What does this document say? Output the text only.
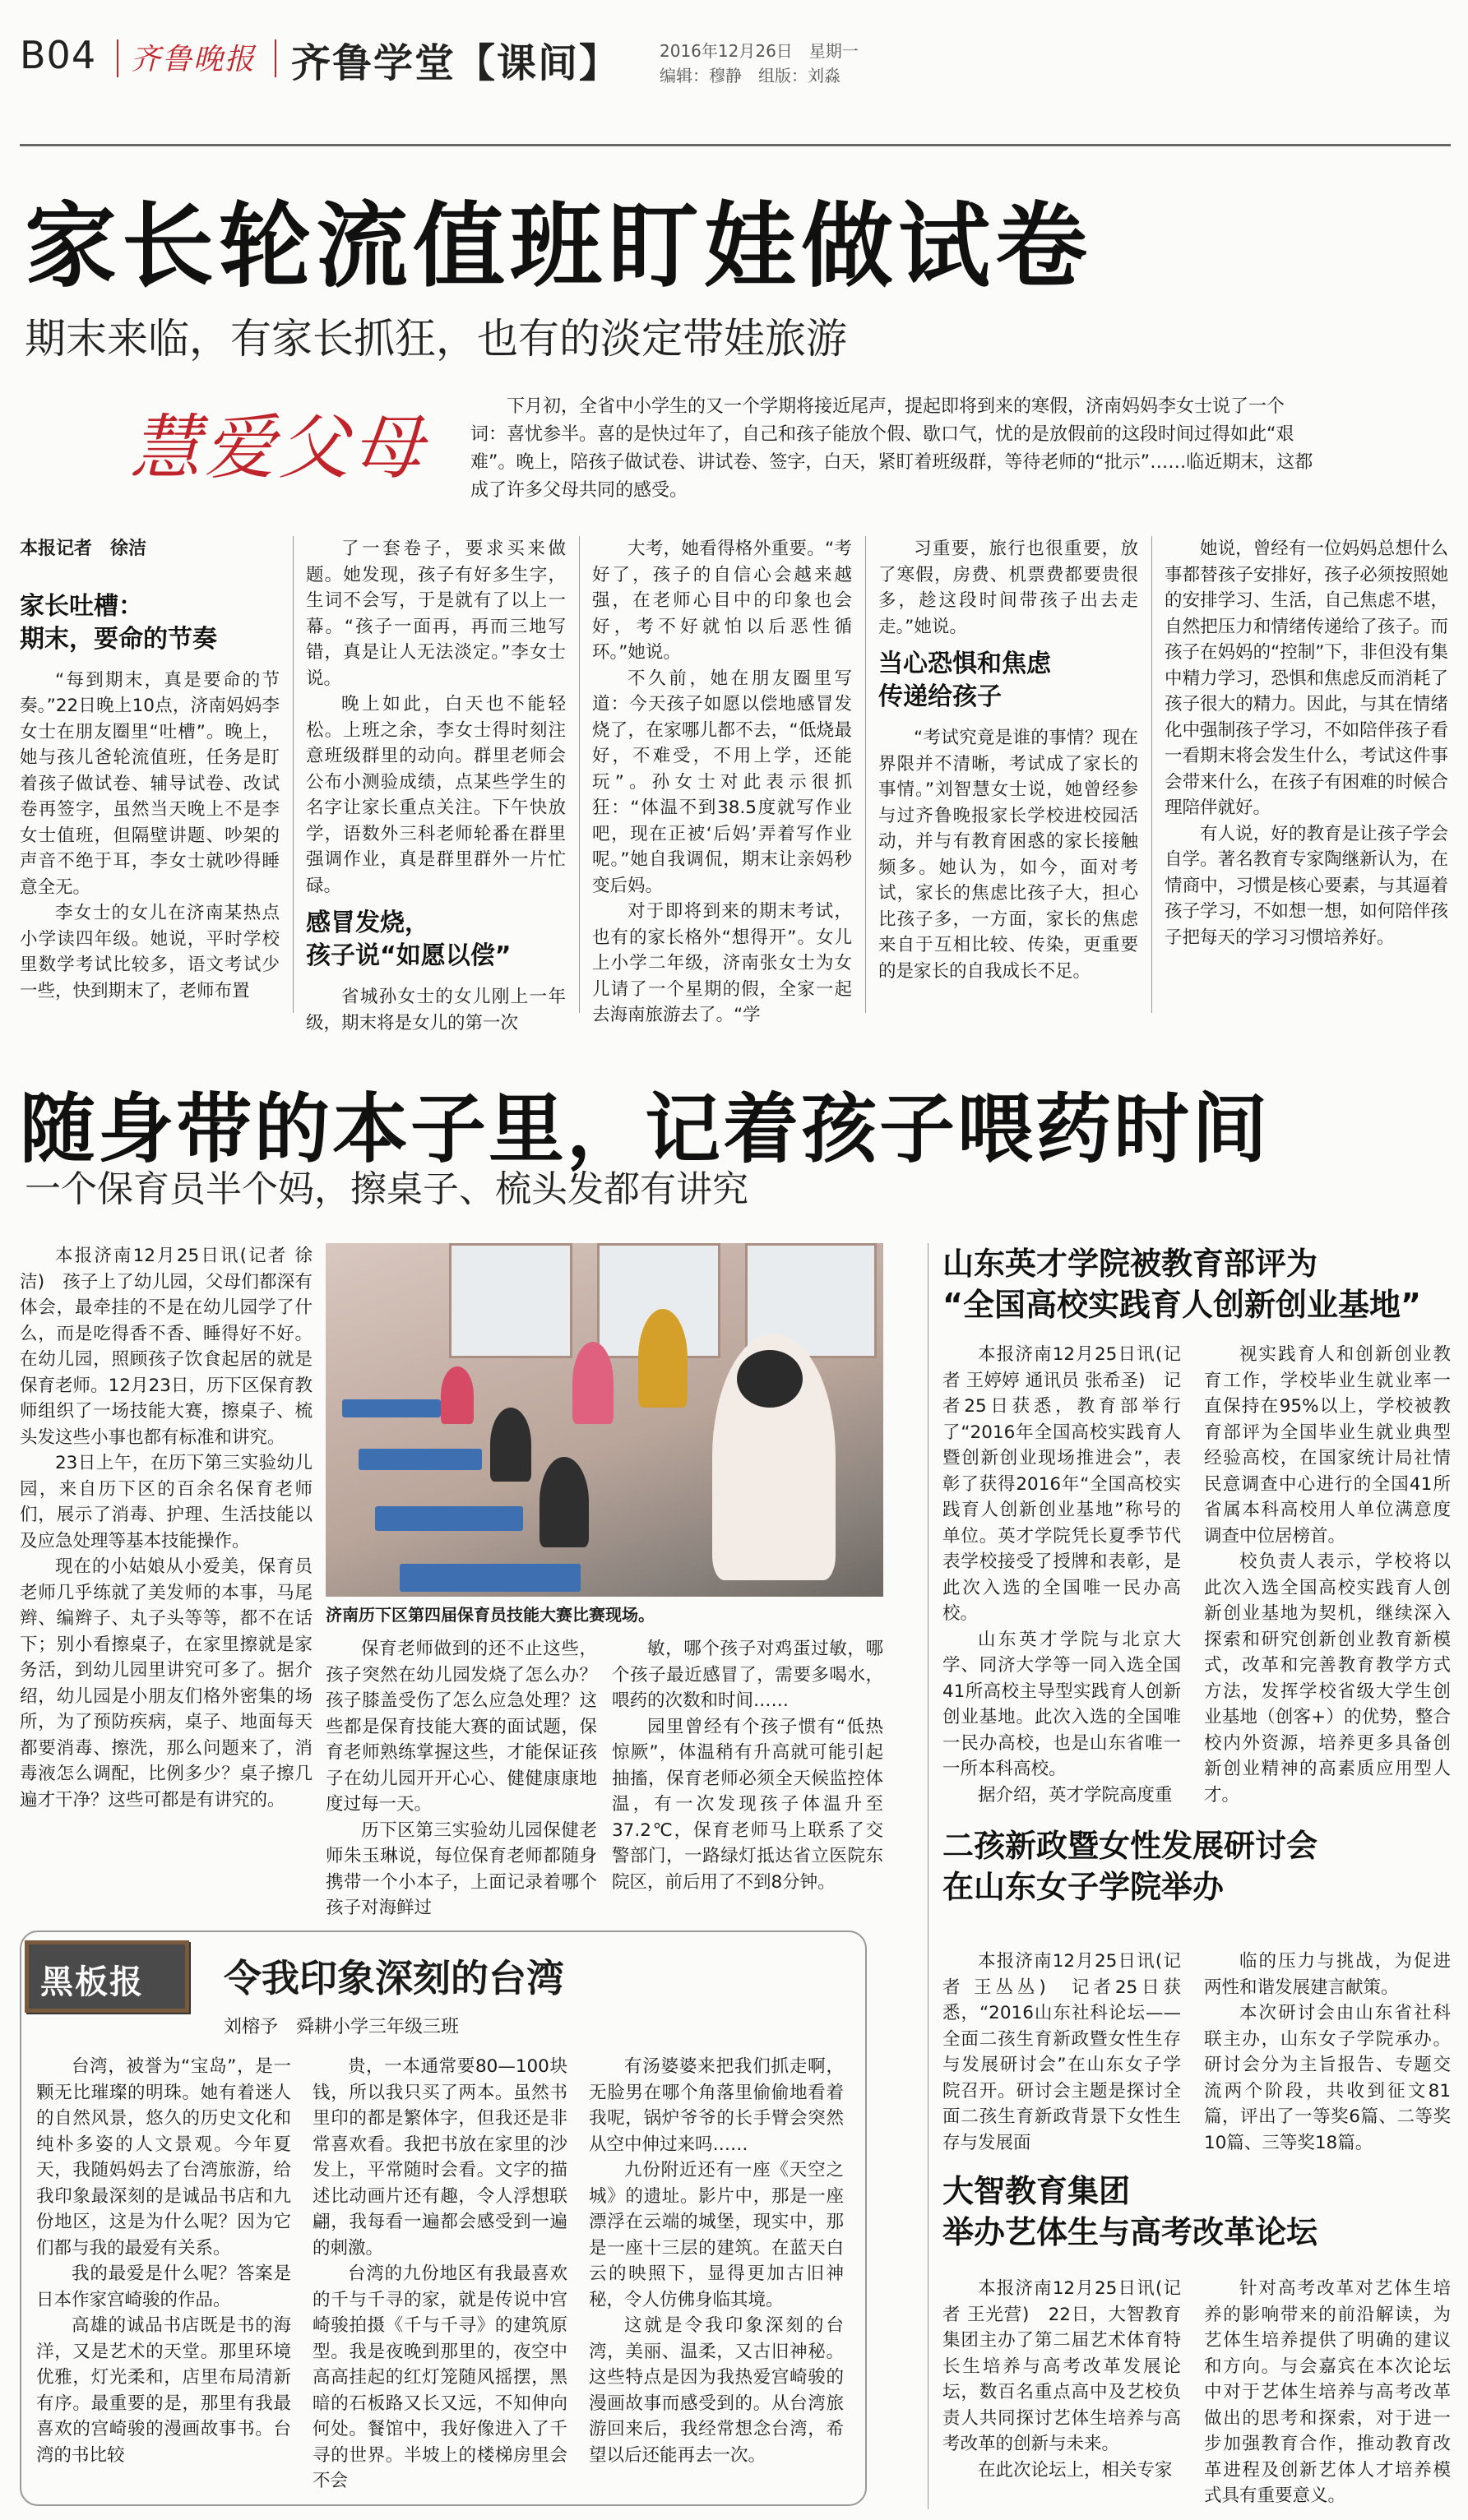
B04 齐鲁晚报 齐鲁学堂【课间】 2016年12月26日　星期一
编辑：穆静　组版：刘淼
家长轮流值班盯娃做试卷
期末来临，有家长抓狂，也有的淡定带娃旅游
慧爱父母
下月初，全省中小学生的又一个学期将接近尾声，提起即将到来的寒假，济南妈妈李女士说了一个词：喜忧参半。喜的是快过年了，自己和孩子能放个假、歇口气，忧的是放假前的这段时间过得如此“艰难”。晚上，陪孩子做试卷、讲试卷、签字，白天，紧盯着班级群，等待老师的“批示”……临近期末，这都成了许多父母共同的感受。
本报记者　徐洁
家长吐槽：
期末，要命的节奏

“每到期末，真是要命的节奏。”22日晚上10点，济南妈妈李女士在朋友圈里“吐槽”。晚上，她与孩儿爸轮流值班，任务是盯着孩子做试卷、辅导试卷、改试卷再签字，虽然当天晚上不是李女士值班，但隔壁讲题、吵架的声音不绝于耳，李女士就吵得睡意全无。

李女士的女儿在济南某热点小学读四年级。她说，平时学校里数学考试比较多，语文考试少一些，快到期末了，老师布置

了一套卷子，要求买来做题。她发现，孩子有好多生字，生词不会写，于是就有了以上一幕。“孩子一面再，再而三地写错，真是让人无法淡定。”李女士说。

晚上如此，白天也不能轻松。上班之余，李女士得时刻注意班级群里的动向。群里老师会公布小测验成绩，点某些学生的名字让家长重点关注。下午快放学，语数外三科老师轮番在群里强调作业，真是群里群外一片忙碌。

感冒发烧，
孩子说“如愿以偿”

省城孙女士的女儿刚上一年级，期末将是女儿的第一次

大考，她看得格外重要。“考好了，孩子的自信心会越来越强，在老师心目中的印象也会好，考不好就怕以后恶性循环。”她说。

不久前，她在朋友圈里写道：今天孩子如愿以偿地感冒发烧了，在家哪儿都不去，“低烧最好，不难受，不用上学，还能玩”。孙女士对此表示很抓狂：“体温不到38.5度就写作业吧，现在正被‘后妈’弄着写作业呢。”她自我调侃，期末让亲妈秒变后妈。

对于即将到来的期末考试，也有的家长格外“想得开”。女儿上小学二年级，济南张女士为女儿请了一个星期的假，全家一起去海南旅游去了。“学

习重要，旅行也很重要，放了寒假，房费、机票费都要贵很多，趁这段时间带孩子出去走走。”她说。

当心恐惧和焦虑
传递给孩子

“考试究竟是谁的事情？现在界限并不清晰，考试成了家长的事情。”刘智慧女士说，她曾经参与过齐鲁晚报家长学校进校园活动，并与有教育困惑的家长接触频多。她认为，如今，面对考试，家长的焦虑比孩子大，担心比孩子多，一方面，家长的焦虑来自于互相比较、传染，更重要的是家长的自我成长不足。

她说，曾经有一位妈妈总想什么事都替孩子安排好，孩子必须按照她的安排学习、生活，自己焦虑不堪，自然把压力和情绪传递给了孩子。而孩子在妈妈的“控制”下，非但没有集中精力学习，恐惧和焦虑反而消耗了孩子很大的精力。因此，与其在情绪化中强制孩子学习，不如陪伴孩子看一看期末将会发生什么，考试这件事会带来什么，在孩子有困难的时候合理陪伴就好。

有人说，好的教育是让孩子学会自学。著名教育专家陶继新认为，在情商中，习惯是核心要素，与其逼着孩子学习，不如想一想，如何陪伴孩子把每天的学习习惯培养好。

随身带的本子里，记着孩子喂药时间
一个保育员半个妈，擦桌子、梳头发都有讲究

本报济南12月25日讯(记者 徐洁)　孩子上了幼儿园，父母们都深有体会，最牵挂的不是在幼儿园学了什么，而是吃得香不香、睡得好不好。在幼儿园，照顾孩子饮食起居的就是保育老师。12月23日，历下区保育教师组织了一场技能大赛，擦桌子、梳头发这些小事也都有标准和讲究。

23日上午，在历下第三实验幼儿园，来自历下区的百余名保育老师们，展示了消毒、护理、生活技能以及应急处理等基本技能操作。

现在的小姑娘从小爱美，保育员老师几乎练就了美发师的本事，马尾辫、编辫子、丸子头等等，都不在话下；别小看擦桌子，在家里擦就是家务活，到幼儿园里讲究可多了。据介绍，幼儿园是小朋友们格外密集的场所，为了预防疾病，桌子、地面每天都要消毒、擦洗，那么问题来了，消毒液怎么调配，比例多少？桌子擦几遍才干净？这些可都是有讲究的。

济南历下区第四届保育员技能大赛比赛现场。

保育老师做到的还不止这些，孩子突然在幼儿园发烧了怎么办？孩子膝盖受伤了怎么应急处理？这些都是保育技能大赛的面试题，保育老师熟练掌握这些，才能保证孩子在幼儿园开开心心、健健康康地度过每一天。

历下区第三实验幼儿园保健老师朱玉琳说，每位保育老师都随身携带一个小本子，上面记录着哪个孩子对海鲜过

敏，哪个孩子对鸡蛋过敏，哪个孩子最近感冒了，需要多喝水，喂药的次数和时间……

园里曾经有个孩子惯有“低热惊厥”，体温稍有升高就可能引起抽搐，保育老师必须全天候监控体温，有一次发现孩子体温升至37.2℃，保育老师马上联系了交警部门，一路绿灯抵达省立医院东院区，前后用了不到8分钟。

山东英才学院被教育部评为
“全国高校实践育人创新创业基地”

本报济南12月25日讯(记者 王婷婷 通讯员 张希圣)　记者25日获悉，教育部举行了“2016年全国高校实践育人暨创新创业现场推进会”，表彰了获得2016年“全国高校实践育人创新创业基地”称号的单位。英才学院凭长夏季节代表学校接受了授牌和表彰，是此次入选的全国唯一民办高校。

山东英才学院与北京大学、同济大学等一同入选全国41所高校主导型实践育人创新创业基地。此次入选的全国唯一民办高校，也是山东省唯一一所本科高校。

据介绍，英才学院高度重

视实践育人和创新创业教育工作，学校毕业生就业率一直保持在95%以上，学校被教育部评为全国毕业生就业典型经验高校，在国家统计局社情民意调查中心进行的全国41所省属本科高校用人单位满意度调查中位居榜首。

校负责人表示，学校将以此次入选全国高校实践育人创新创业基地为契机，继续深入探索和研究创新创业教育新模式，改革和完善教育教学方式方法，发挥学校省级大学生创业基地（创客+）的优势，整合校内外资源，培养更多具备创新创业精神的高素质应用型人才。

二孩新政暨女性发展研讨会
在山东女子学院举办

本报济南12月25日讯(记者 王丛丛)　记者25日获悉，“2016山东社科论坛——全面二孩生育新政暨女性生存与发展研讨会”在山东女子学院召开。研讨会主题是探讨全面二孩生育新政背景下女性生存与发展面

临的压力与挑战，为促进两性和谐发展建言献策。

本次研讨会由山东省社科联主办，山东女子学院承办。研讨会分为主旨报告、专题交流两个阶段，共收到征文81篇，评出了一等奖6篇、二等奖10篇、三等奖18篇。

大智教育集团
举办艺体生与高考改革论坛

本报济南12月25日讯(记者 王光营)　22日，大智教育集团主办了第二届艺术体育特长生培养与高考改革发展论坛，数百名重点高中及艺校负责人共同探讨艺体生培养与高考改革的创新与未来。

在此次论坛上，相关专家

针对高考改革对艺体生培养的影响带来的前沿解读，为艺体生培养提供了明确的建议和方向。与会嘉宾在本次论坛中对于艺体生培养与高考改革做出的思考和探索，对于进一步加强教育合作，推动教育改革进程及创新艺体人才培养模式具有重要意义。

黑板报 令我印象深刻的台湾
刘榕予　舜耕小学三年级三班

台湾，被誉为“宝岛”，是一颗无比璀璨的明珠。她有着迷人的自然风景，悠久的历史文化和纯朴多姿的人文景观。今年夏天，我随妈妈去了台湾旅游，给我印象最深刻的是诚品书店和九份地区，这是为什么呢？因为它们都与我的最爱有关系。

我的最爱是什么呢？答案是日本作家宫崎骏的作品。

高雄的诚品书店既是书的海洋，又是艺术的天堂。那里环境优雅，灯光柔和，店里布局清新有序。最重要的是，那里有我最喜欢的宫崎骏的漫画故事书。台湾的书比较

贵，一本通常要80—100块钱，所以我只买了两本。虽然书里印的都是繁体字，但我还是非常喜欢看。我把书放在家里的沙发上，平常随时会看。文字的描述比动画片还有趣，令人浮想联翩，我每看一遍都会感受到一遍的刺激。

台湾的九份地区有我最喜欢的千与千寻的家，就是传说中宫崎骏拍摄《千与千寻》的建筑原型。我是夜晚到那里的，夜空中高高挂起的红灯笼随风摇摆，黑暗的石板路又长又远，不知伸向何处。餐馆中，我好像进入了千寻的世界。半坡上的楼梯房里会不会

有汤婆婆来把我们抓走啊，无脸男在哪个角落里偷偷地看着我呢，锅炉爷爷的长手臂会突然从空中伸过来吗……

九份附近还有一座《天空之城》的遗址。影片中，那是一座漂浮在云端的城堡，现实中，那是一座十三层的建筑。在蓝天白云的映照下，显得更加古旧神秘，令人仿佛身临其境。

这就是令我印象深刻的台湾，美丽、温柔，又古旧神秘。这些特点是因为我热爱宫崎骏的漫画故事而感受到的。从台湾旅游回来后，我经常想念台湾，希望以后还能再去一次。
